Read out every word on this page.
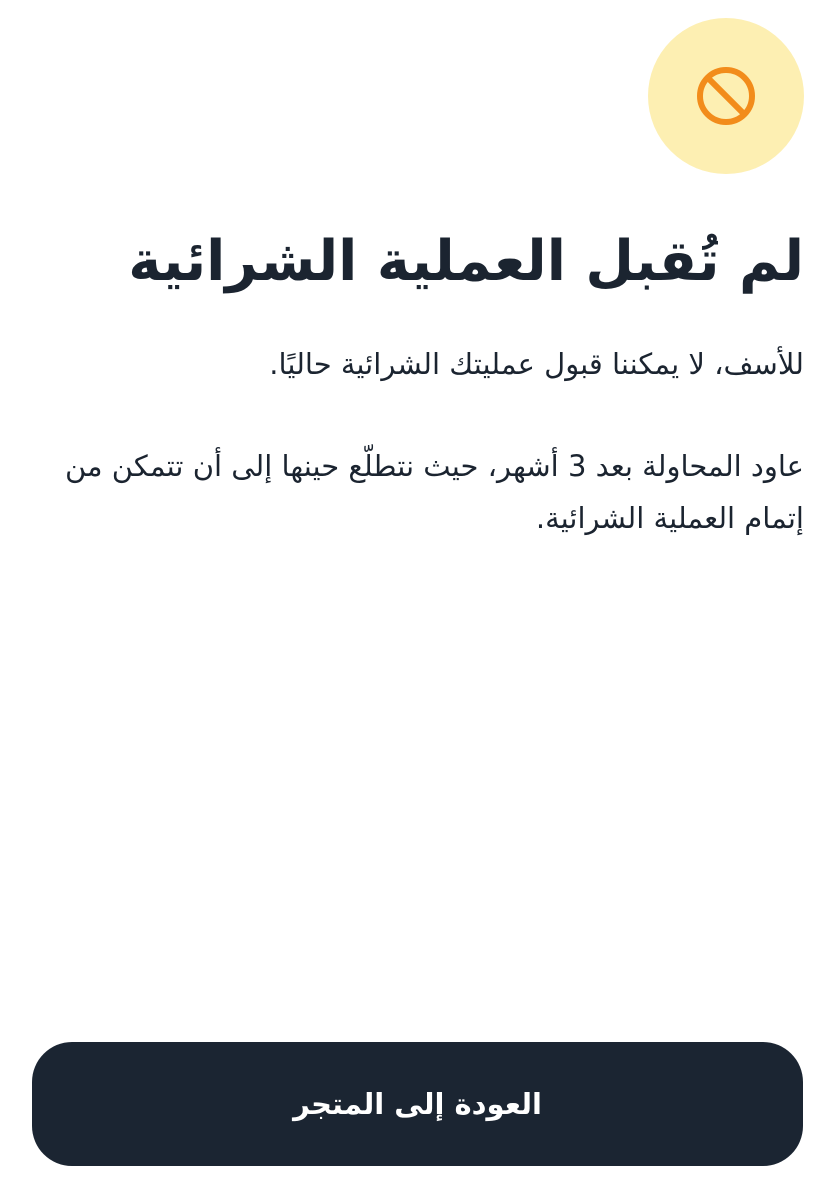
لم تُقبل العملية الشرائية

للأسف، لا يمكننا قبول عمليتك الشرائية حاليًا.

عاود المحاولة بعد 3 أشهر، حيث نتطلّع حينها إلى أن تتمكن من إتمام العملية الشرائية.

العودة إلى المتجر
